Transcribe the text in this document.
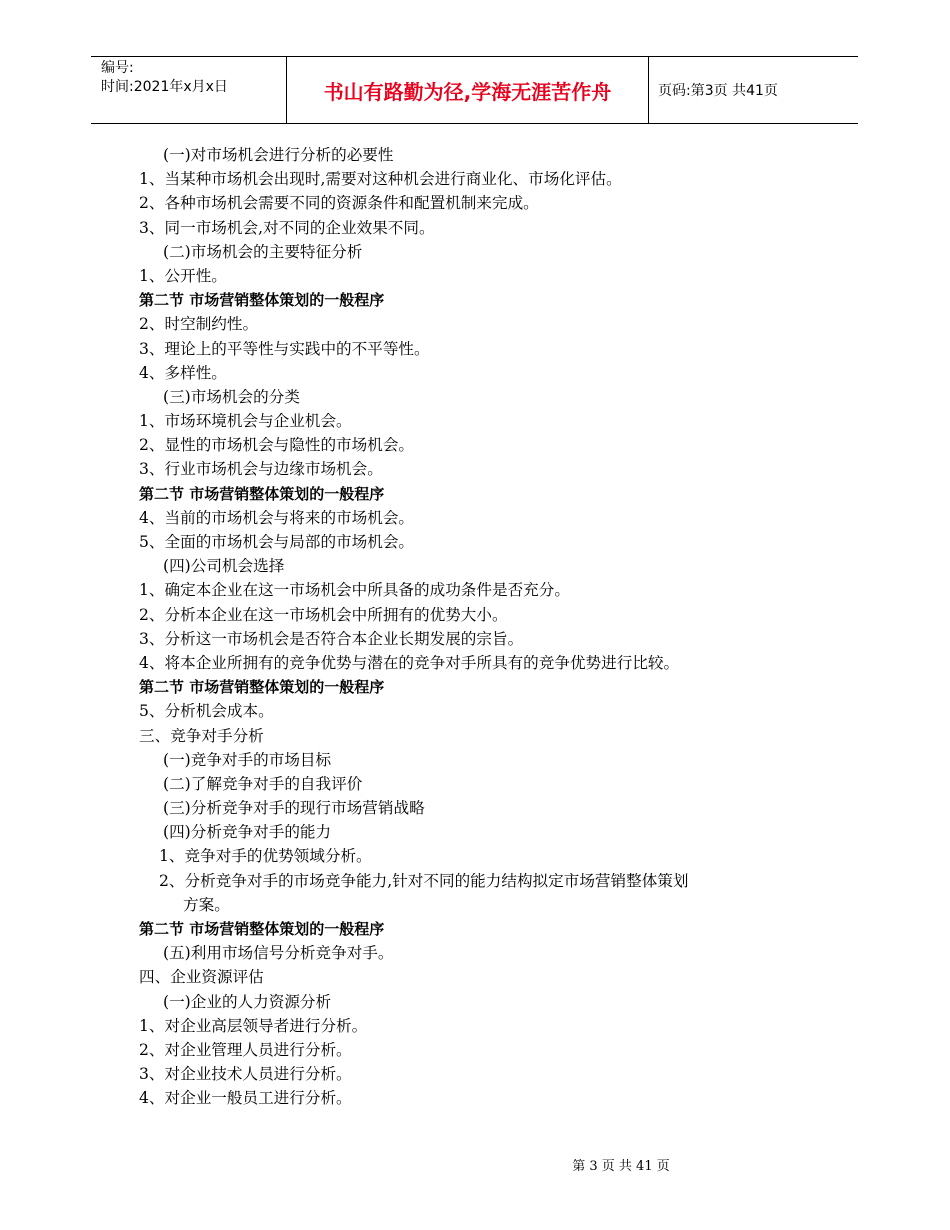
编号:
时间:2021年x月x日	书山有路勤为径,学海无涯苦作舟	页码:第3页 共41页
(一)对市场机会进行分析的必要性
1、当某种市场机会出现时,需要对这种机会进行商业化、市场化评估。
2、各种市场机会需要不同的资源条件和配置机制来完成。
3、同一市场机会,对不同的企业效果不同。
(二)市场机会的主要特征分析
1、公开性。
第二节 市场营销整体策划的一般程序
2、时空制约性。
3、理论上的平等性与实践中的不平等性。
4、多样性。
(三)市场机会的分类
1、市场环境机会与企业机会。
2、显性的市场机会与隐性的市场机会。
3、行业市场机会与边缘市场机会。
第二节 市场营销整体策划的一般程序
4、当前的市场机会与将来的市场机会。
5、全面的市场机会与局部的市场机会。
(四)公司机会选择
1、确定本企业在这一市场机会中所具备的成功条件是否充分。
2、分析本企业在这一市场机会中所拥有的优势大小。
3、分析这一市场机会是否符合本企业长期发展的宗旨。
4、将本企业所拥有的竞争优势与潜在的竞争对手所具有的竞争优势进行比较。
第二节 市场营销整体策划的一般程序
5、分析机会成本。
三、竞争对手分析
(一)竞争对手的市场目标
(二)了解竞争对手的自我评价
(三)分析竞争对手的现行市场营销战略
(四)分析竞争对手的能力
1、竞争对手的优势领域分析。
2、分析竞争对手的市场竞争能力,针对不同的能力结构拟定市场营销整体策划
方案。
第二节 市场营销整体策划的一般程序
(五)利用市场信号分析竞争对手。
四、企业资源评估
(一)企业的人力资源分析
1、对企业高层领导者进行分析。
2、对企业管理人员进行分析。
3、对企业技术人员进行分析。
4、对企业一般员工进行分析。
第 3 页 共 41 页
